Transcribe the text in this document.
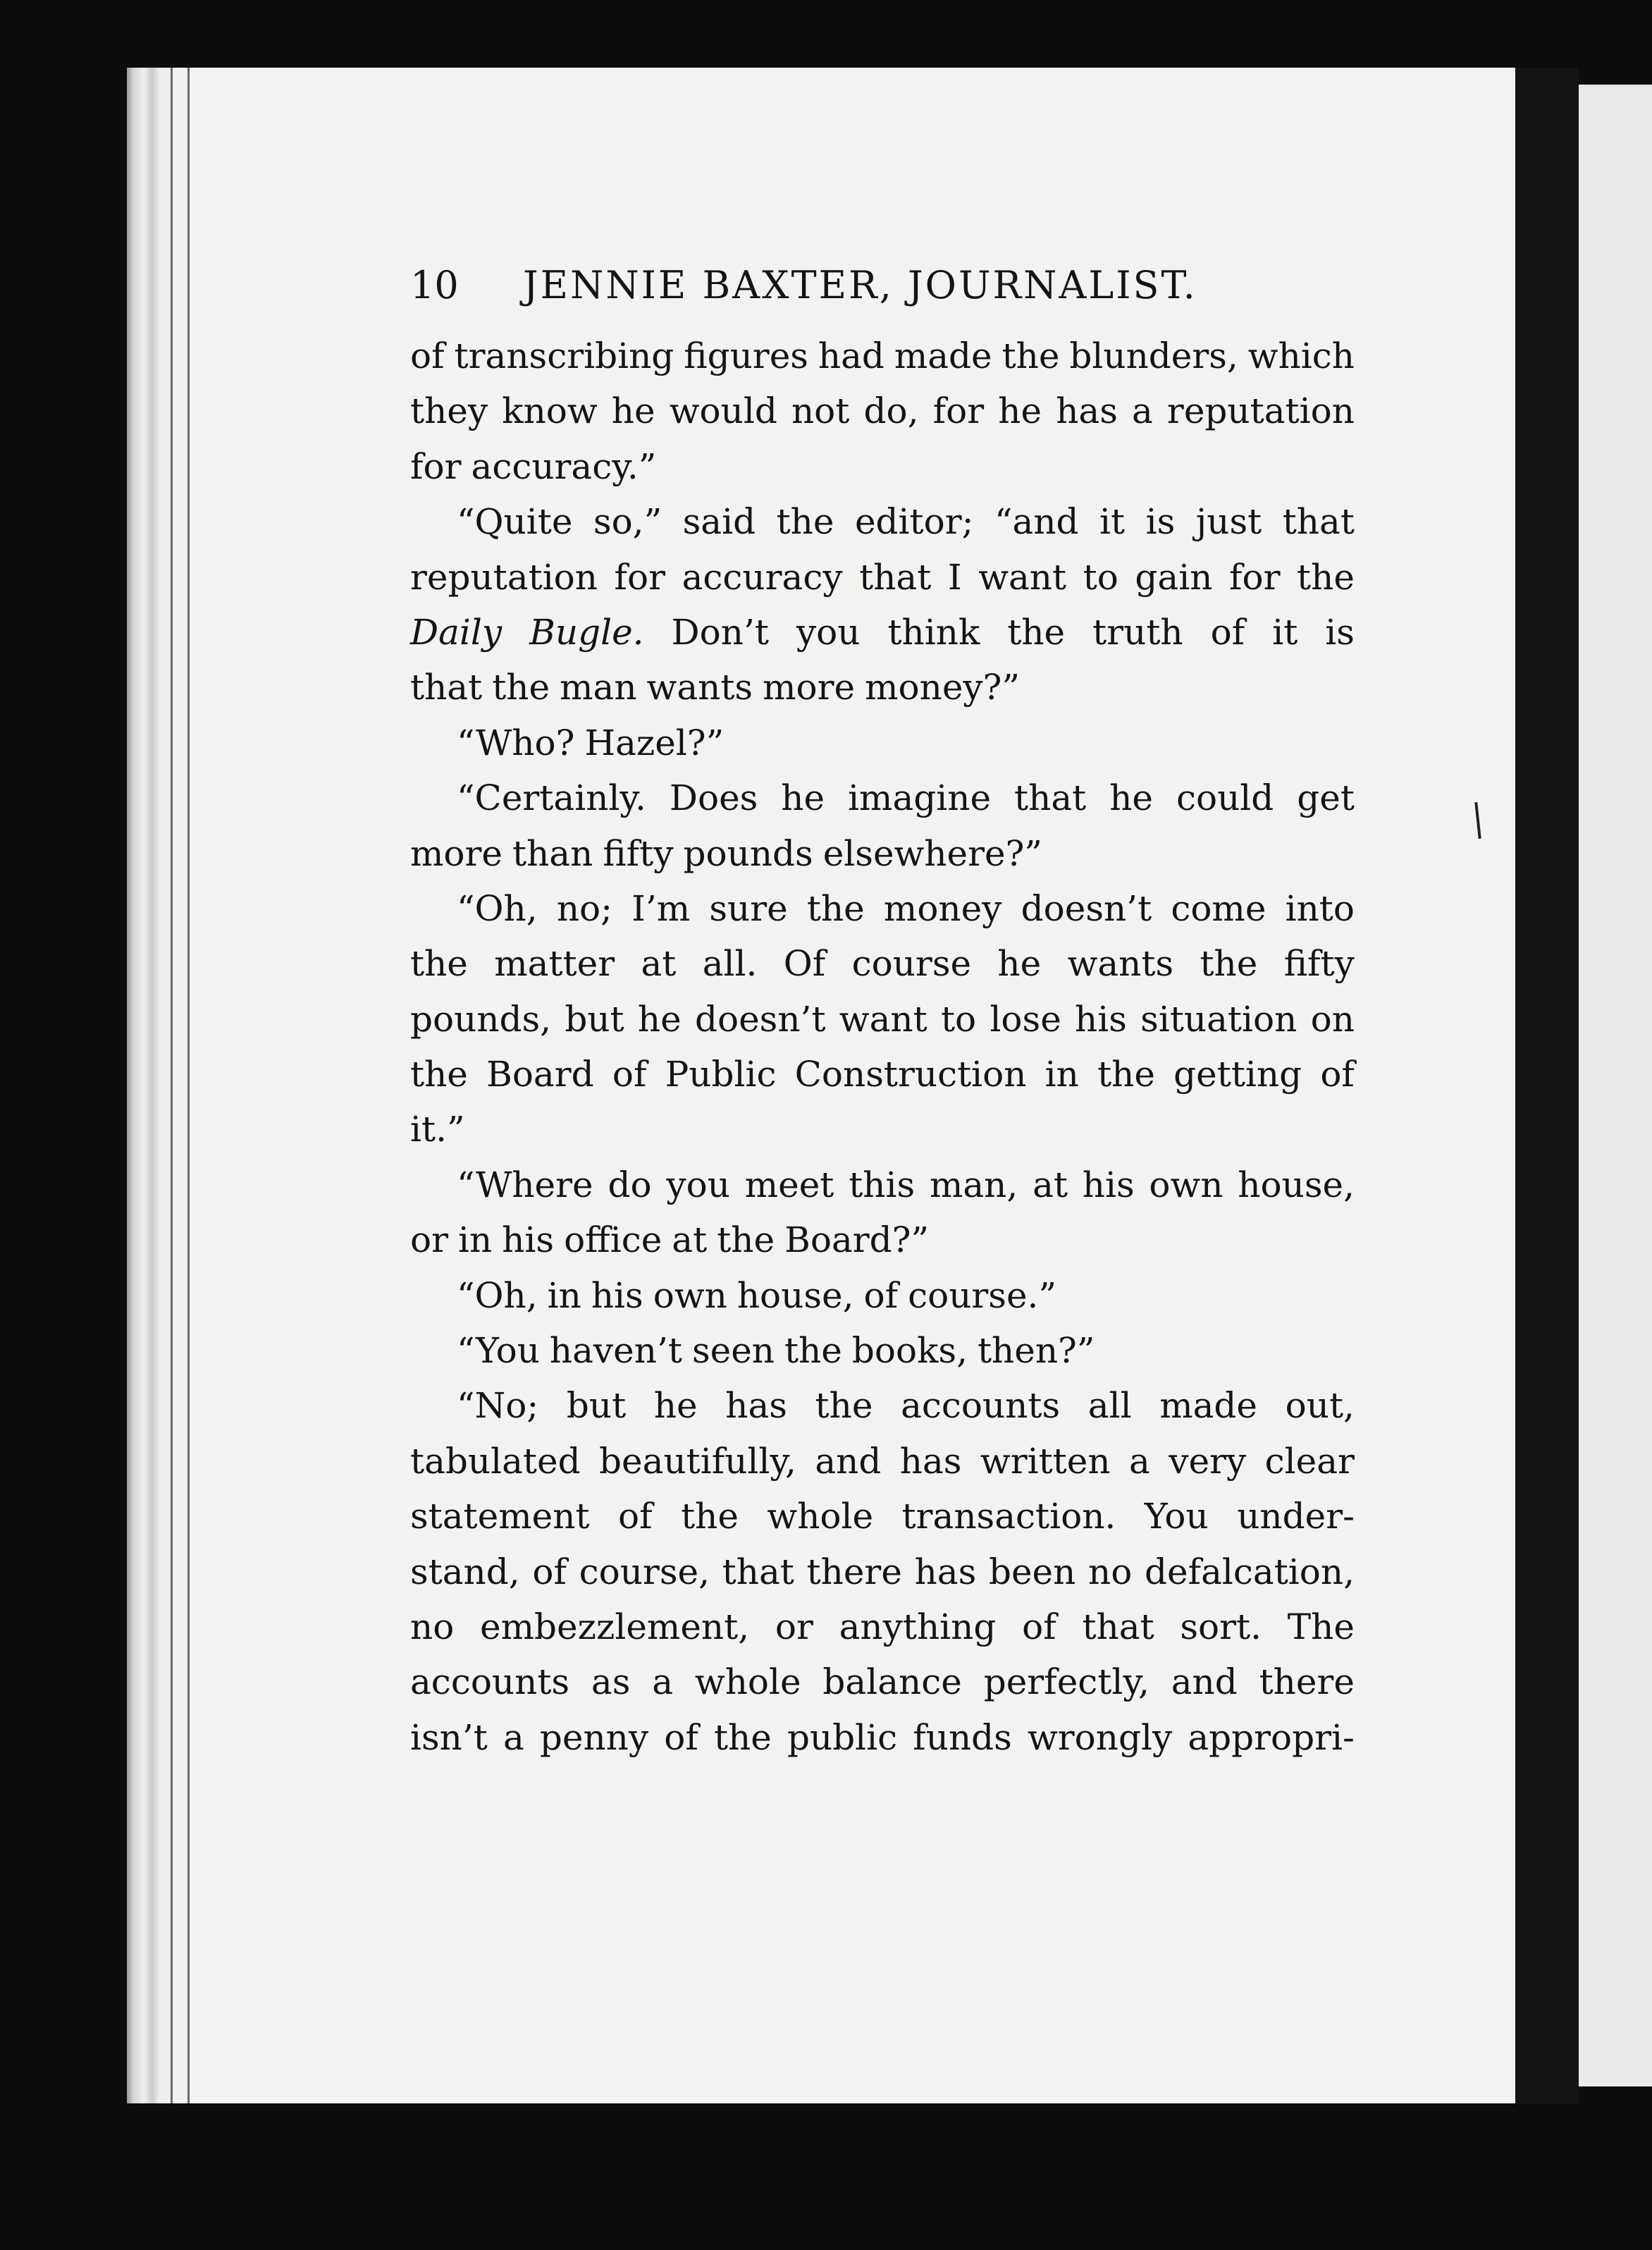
10	JENNIE BAXTER, JOURNALIST.
of transcribing figures had made the blunders, which
they know he would not do, for he has a reputation
for accuracy.”
“Quite so,” said the editor; “and it is just that
reputation for accuracy that I want to gain for the
Daily Bugle. Don’t you think the truth of it is
that the man wants more money?”
“Who? Hazel?”
“Certainly. Does he imagine that he could get
more than fifty pounds elsewhere?”
“Oh, no; I’m sure the money doesn’t come into
the matter at all. Of course he wants the fifty
pounds, but he doesn’t want to lose his situation on
the Board of Public Construction in the getting of
it.”
“Where do you meet this man, at his own house,
or in his office at the Board?”
“Oh, in his own house, of course.”
“You haven’t seen the books, then?”
“No; but he has the accounts all made out,
tabulated beautifully, and has written a very clear
statement of the whole transaction. You under-
stand, of course, that there has been no defalcation,
no embezzlement, or anything of that sort. The
accounts as a whole balance perfectly, and there
isn’t a penny of the public funds wrongly appropri-
